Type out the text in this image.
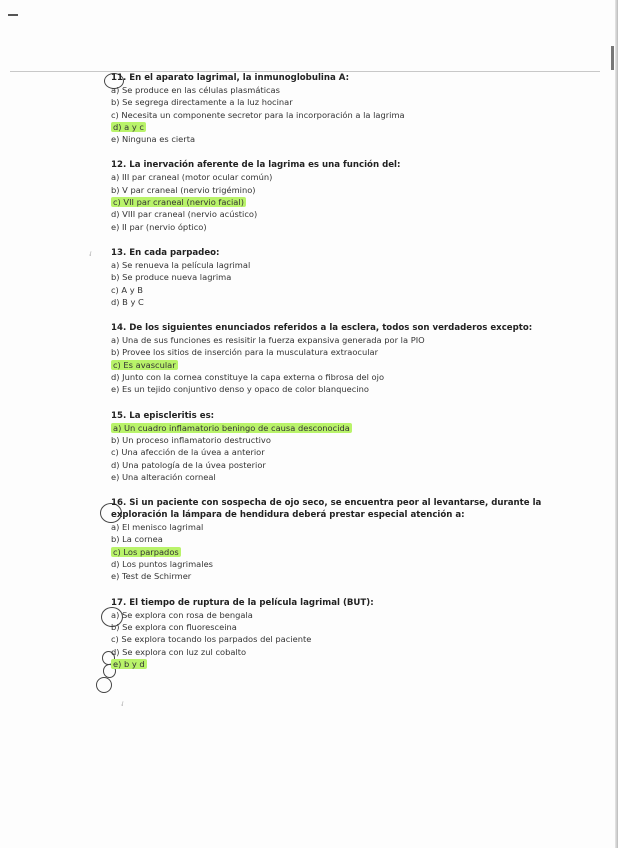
✓
✓
11. En el aparato lagrimal, la inmunoglobulina A:
a) Se produce en las células plasmáticas
b) Se segrega directamente a la luz hocinar
c) Necesita un componente secretor para la incorporación a la lagrima
d) a y c
e) Ninguna es cierta
12. La inervación aferente de la lagrima es una función del:
a) III par craneal (motor ocular común)
b) V par craneal (nervio trigémino)
c) VII par craneal (nervio facial)
d) VIII par craneal (nervio acústico)
e) II par (nervio óptico)
13. En cada parpadeo:
a) Se renueva la película lagrimal
b) Se produce nueva lagrima
c) A y B
d) B y C
14. De los siguientes enunciados referidos a la esclera, todos son verdaderos excepto:
a) Una de sus funciones es resisitir la fuerza expansiva generada por la PIO
b) Provee los sitios de inserción para la musculatura extraocular
c) Es avascular
d) Junto con la cornea constituye la capa externa o fibrosa del ojo
e) Es un tejido conjuntivo denso y opaco de color blanquecino
15. La episcleritis es:
a) Un cuadro inflamatorio beningo de causa desconocida
b) Un proceso inflamatorio destructivo
c) Una afección de la úvea a anterior
d) Una patología de la úvea posterior
e) Una alteración corneal
16. Si un paciente con sospecha de ojo seco, se encuentra peor al levantarse, durante la
exploración la lámpara de hendidura deberá prestar especial atención a:
a) El menisco lagrimal
b) La cornea
c) Los parpados
d) Los puntos lagrimales
e) Test de Schirmer
17. El tiempo de ruptura de la película lagrimal (BUT):
a) Se explora con rosa de bengala
b) Se explora con fluoresceina
c) Se explora tocando los parpados del paciente
d) Se explora con luz zul cobalto
e) b y d
